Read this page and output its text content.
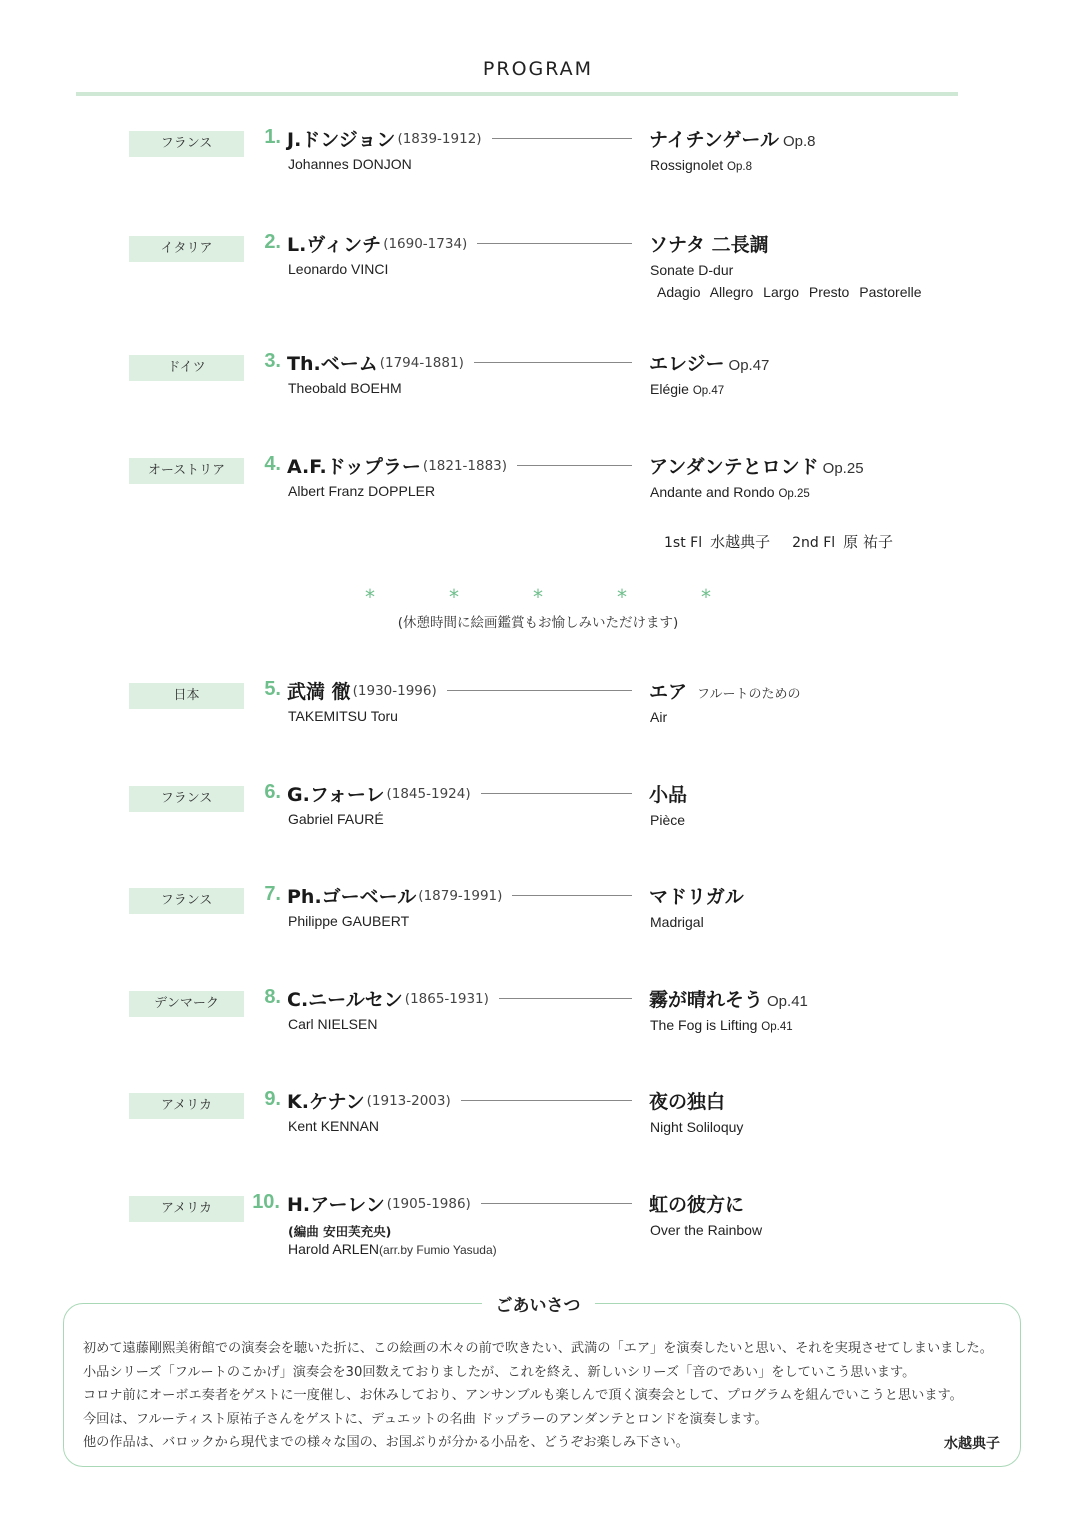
PROGRAM
フランス	1. J.ドンジョン (1839-1912)
Johannes DONJON
ナイチンゲール Op.8
Rossignolet Op.8
イタリア	2. L.ヴィンチ (1690-1734)
Leonardo VINCI
ソナタ 二長調
Sonate D-dur
Adagio Allegro Largo Presto Pastorelle
ドイツ	3. Th.ベーム (1794-1881)
Theobald BOEHM
エレジー Op.47
Elégie Op.47
オーストリア	4. A.F.ドップラー (1821-1883)
Albert Franz DOPPLER
アンダンテとロンド Op.25
Andante and Rondo Op.25
1st Fl 水越典子 2nd Fl 原 祐子
日本	5. 武満 徹 (1930-1996)
TAKEMITSU Toru
エア フルートのための
Air
フランス	6. G.フォーレ (1845-1924)
Gabriel FAURÉ
小品
Pièce
フランス	7. Ph.ゴーベール (1879-1991)
Philippe GAUBERT
マドリガル
Madrigal
デンマーク	8. C.ニールセン (1865-1931)
Carl NIELSEN
霧が晴れそう Op.41
The Fog is Lifting Op.41
アメリカ	9. K.ケナン (1913-2003)
Kent KENNAN
夜の独白
Night Soliloquy
アメリカ	10. H.アーレン (1905-1986)
(編曲 安田芙充央)
Harold ARLEN(arr.by Fumio Yasuda)
虹の彼方に
Over the Rainbow
*	*	*	*	*
(休憩時間に絵画鑑賞もお愉しみいただけます)
ごあいさつ

初めて遠藤剛熙美術館での演奏会を聴いた折に、この絵画の木々の前で吹きたい、武満の「エア」を演奏したいと思い、それを実現させてしまいました。

小品シリーズ「フルートのこかげ」演奏会を30回数えておりましたが、これを終え、新しいシリーズ「音のであい」をしていこう思います。

コロナ前にオーボエ奏者をゲストに一度催し、お休みしており、アンサンブルも楽しんで頂く演奏会として、プログラムを組んでいこうと思います。

今回は、フルーティスト原祐子さんをゲストに、デュエットの名曲 ドップラーのアンダンテとロンドを演奏します。

他の作品は、バロックから現代までの様々な国の、お国ぶりが分かる小品を、どうぞお楽しみ下さい。	水越典子
